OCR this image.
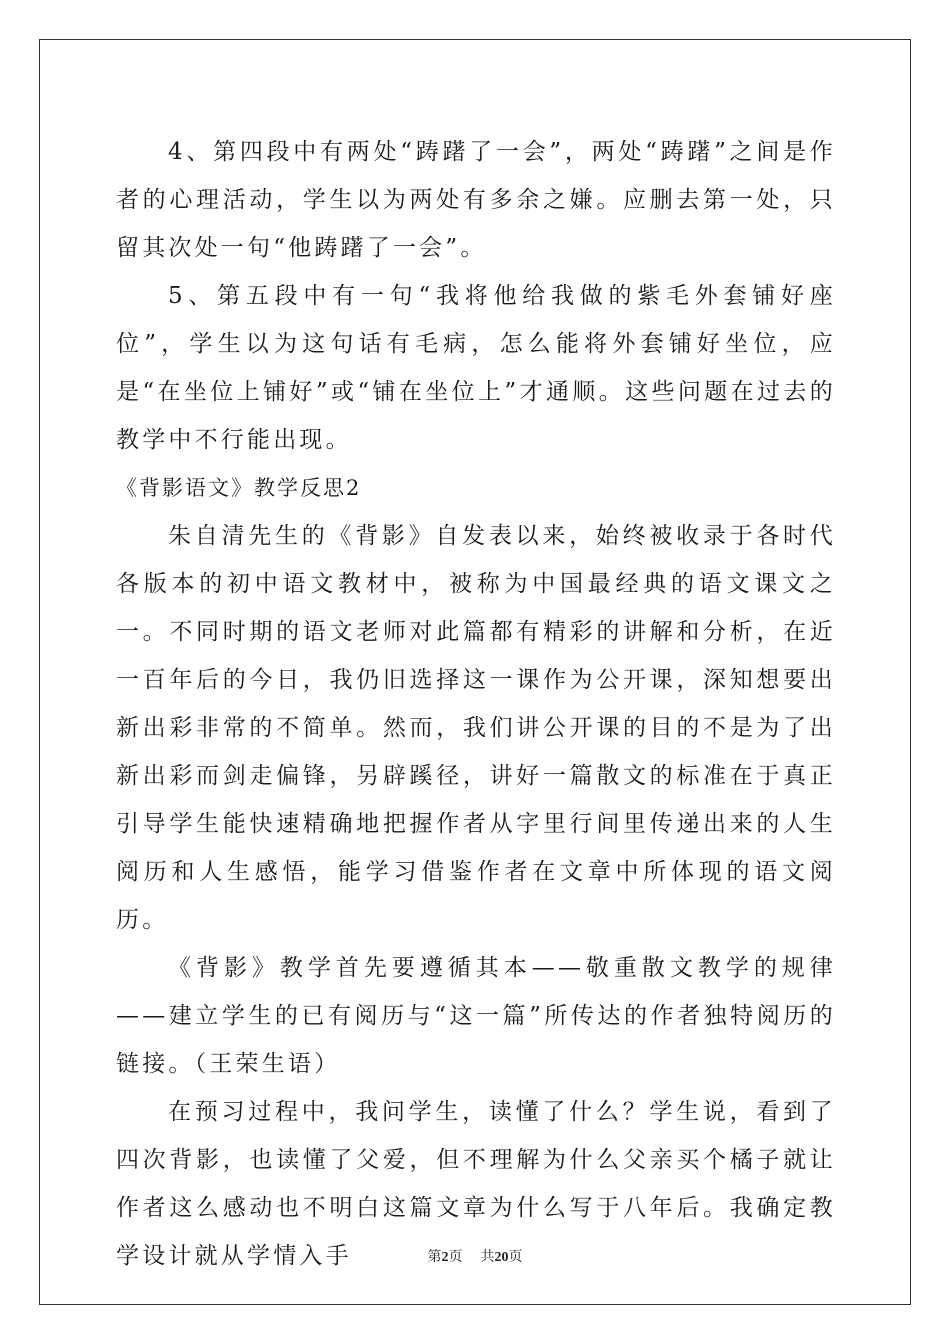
4、第四段中有两处“踌躇了一会”，两处“踌躇”之间是作者的心理活动，学生以为两处有多余之嫌。应删去第一处，只留其次处一句“他踌躇了一会”。

5、第五段中有一句“我将他给我做的紫毛外套铺好座位”，学生以为这句话有毛病，怎么能将外套铺好坐位，应是“在坐位上铺好”或“铺在坐位上”才通顺。这些问题在过去的教学中不行能出现。

《背影语文》教学反思2

朱自清先生的《背影》自发表以来，始终被收录于各时代各版本的初中语文教材中，被称为中国最经典的语文课文之一。不同时期的语文老师对此篇都有精彩的讲解和分析，在近一百年后的今日，我仍旧选择这一课作为公开课，深知想要出新出彩非常的不简单。然而，我们讲公开课的目的不是为了出新出彩而剑走偏锋，另辟蹊径，讲好一篇散文的标准在于真正引导学生能快速精确地把握作者从字里行间里传递出来的人生阅历和人生感悟，能学习借鉴作者在文章中所体现的语文阅历。

《背影》教学首先要遵循其本——敬重散文教学的规律——建立学生的已有阅历与“这一篇”所传达的作者独特阅历的链接。（王荣生语）

在预习过程中，我问学生，读懂了什么？学生说，看到了四次背影，也读懂了父爱，但不理解为什么父亲买个橘子就让作者这么感动也不明白这篇文章为什么写于八年后。我确定教学设计就从学情入手	第2页 共20页
